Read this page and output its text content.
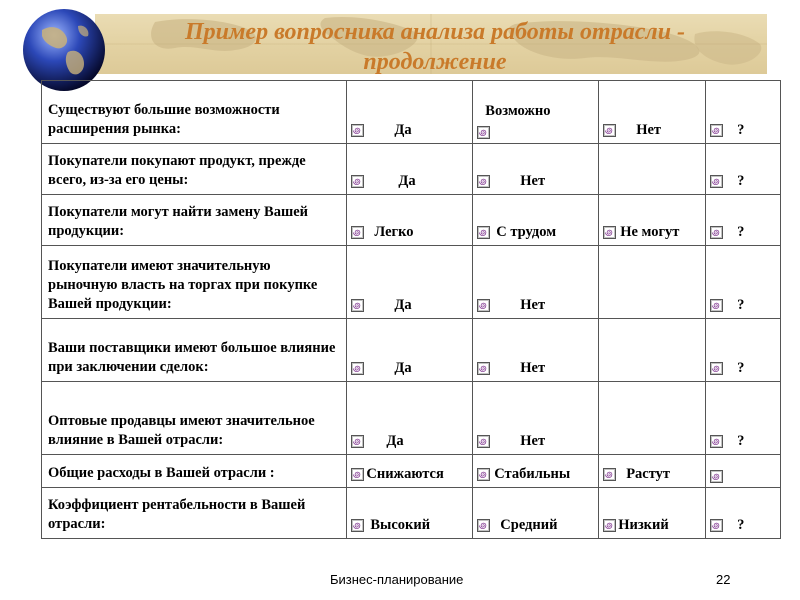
Пример вопросника анализа работы отрасли - продолжение
Существуют большие возможности расширения рынка:	Да	Возможно	Нет	?

Покупатели покупают продукт, прежде всего, из-за его цены:	Да	Нет		?

Покупатели могут найти замену Вашей продукции:	Легко	С трудом	Не могут	?

Покупатели имеют значительную рыночную власть на торгах при покупке Вашей продукции:	Да	Нет		?

Ваши поставщики имеют большое влияние при заключении сделок:	Да	Нет		?

Оптовые продавцы имеют значительное влияние в Вашей отрасли:	Да	Нет		?

Общие расходы в Вашей отрасли :	Снижаются	Стабильны	Растут

Коэффициент рентабельности в Вашей отрасли:	Высокий	Средний	Низкий	?
Бизнес-планирование	22
